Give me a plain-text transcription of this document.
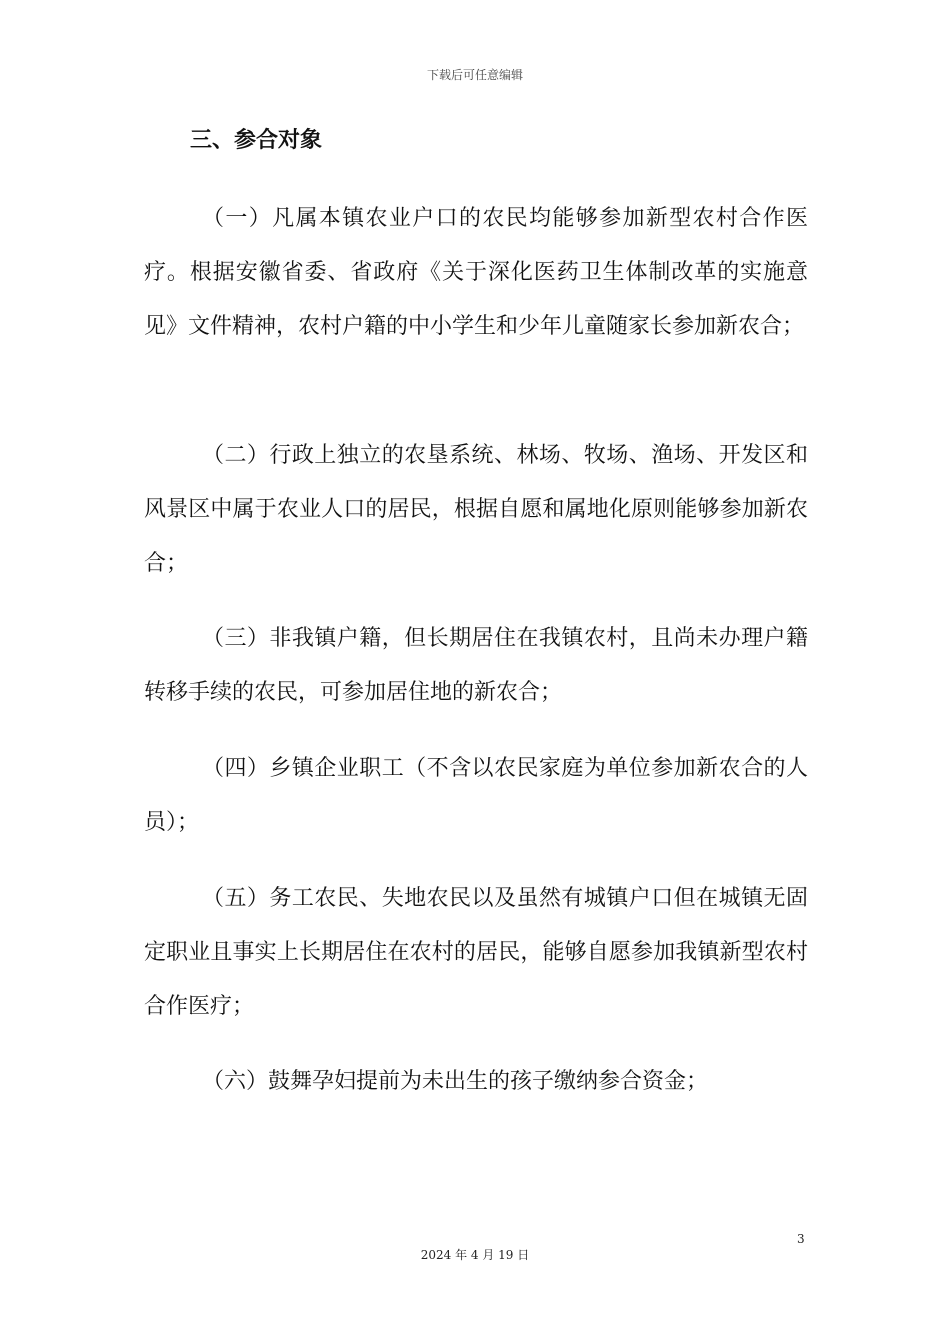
下载后可任意编辑
三、参合对象
（一）凡属本镇农业户口的农民均能够参加新型农村合作医疗。根据安徽省委、省政府《关于深化医药卫生体制改革的实施意见》文件精神，农村户籍的中小学生和少年儿童随家长参加新农合；
（二）行政上独立的农垦系统、林场、牧场、渔场、开发区和风景区中属于农业人口的居民，根据自愿和属地化原则能够参加新农合；
（三）非我镇户籍，但长期居住在我镇农村，且尚未办理户籍转移手续的农民，可参加居住地的新农合；
（四）乡镇企业职工（不含以农民家庭为单位参加新农合的人员）；
（五）务工农民、失地农民以及虽然有城镇户口但在城镇无固定职业且事实上长期居住在农村的居民，能够自愿参加我镇新型农村合作医疗；
（六）鼓舞孕妇提前为未出生的孩子缴纳参合资金；
3
2024 年 4 月 19 日
